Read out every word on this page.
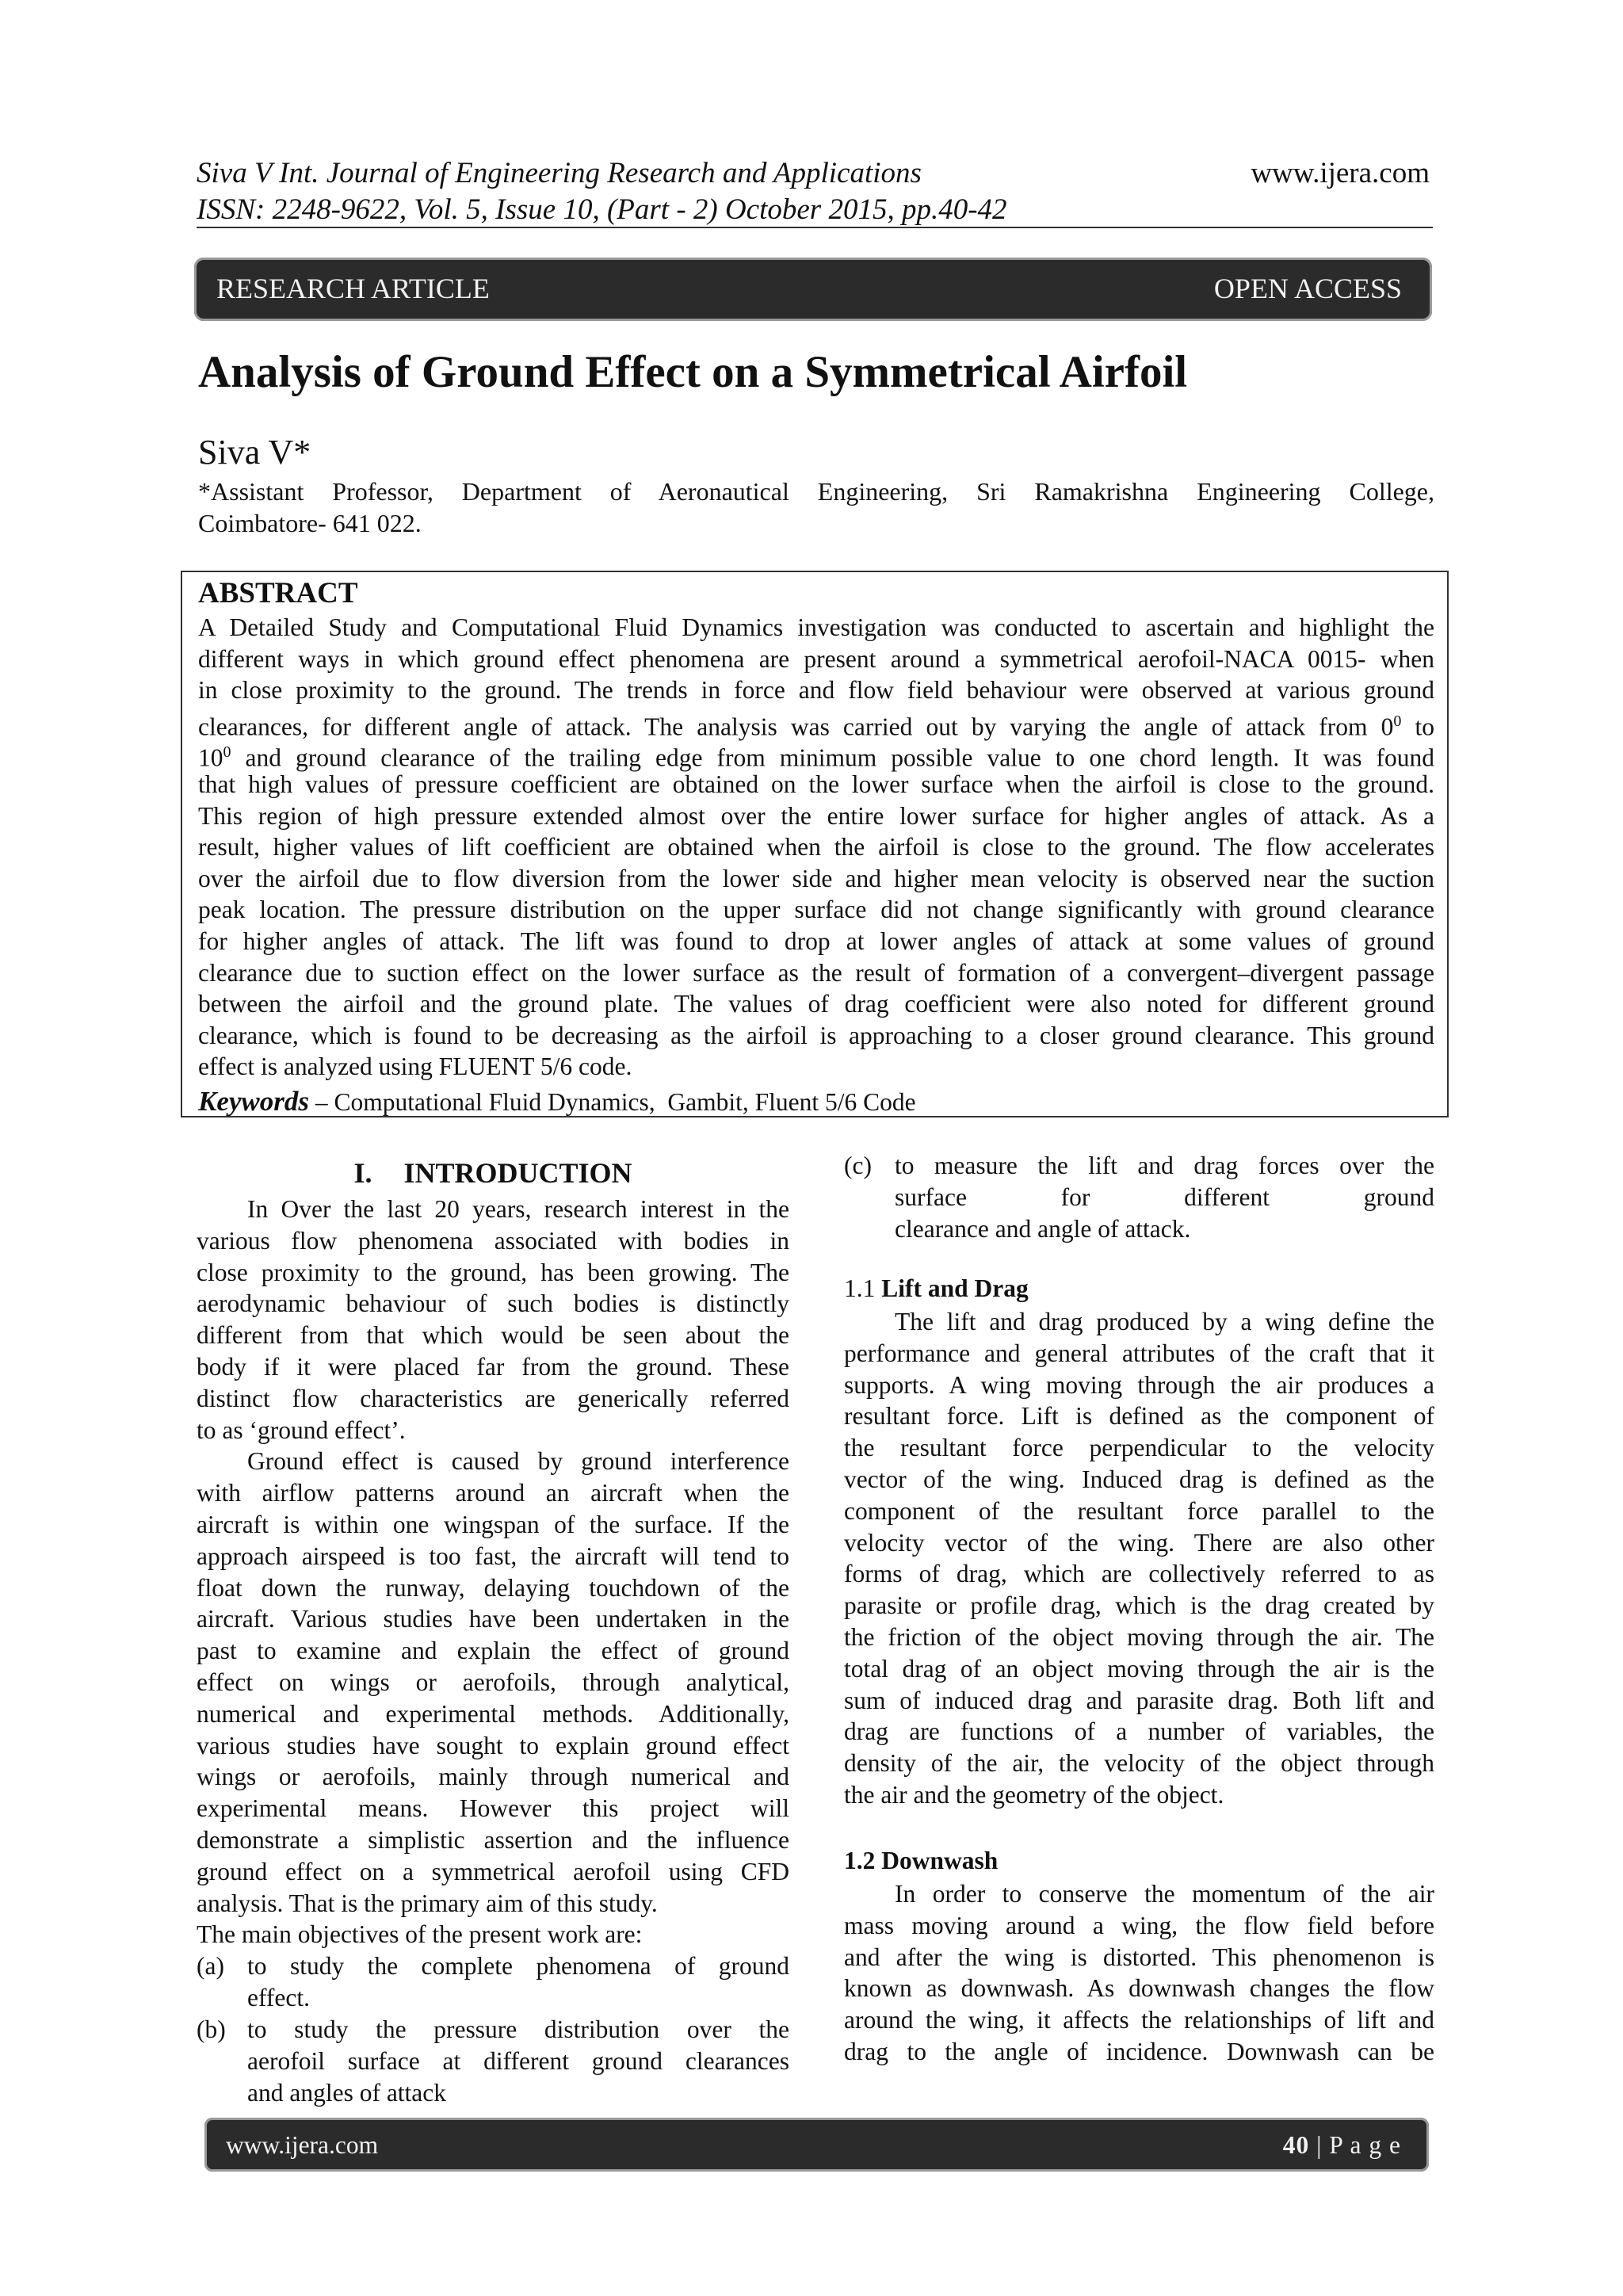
Siva V Int. Journal of Engineering Research and Applications
ISSN: 2248-9622, Vol. 5, Issue 10, (Part - 2) October 2015, pp.40-42
www.ijera.com
RESEARCH ARTICLE	OPEN ACCESS
Analysis of Ground Effect on a Symmetrical Airfoil
Siva V*
*Assistant Professor, Department of Aeronautical Engineering, Sri Ramakrishna Engineering College,
Coimbatore- 641 022.
ABSTRACT
A Detailed Study and Computational Fluid Dynamics investigation was conducted to ascertain and highlight the
different ways in which ground effect phenomena are present around a symmetrical aerofoil-NACA 0015- when
in close proximity to the ground. The trends in force and flow field behaviour were observed at various ground
clearances, for different angle of attack. The analysis was carried out by varying the angle of attack from $0^0$ to
$10^0$ and ground clearance of the trailing edge from minimum possible value to one chord length. It was found
that high values of pressure coefficient are obtained on the lower surface when the airfoil is close to the ground.
This region of high pressure extended almost over the entire lower surface for higher angles of attack. As a
result, higher values of lift coefficient are obtained when the airfoil is close to the ground. The flow accelerates
over the airfoil due to flow diversion from the lower side and higher mean velocity is observed near the suction
peak location. The pressure distribution on the upper surface did not change significantly with ground clearance
for higher angles of attack. The lift was found to drop at lower angles of attack at some values of ground
clearance due to suction effect on the lower surface as the result of formation of a convergent–divergent passage
between the airfoil and the ground plate. The values of drag coefficient were also noted for different ground
clearance, which is found to be decreasing as the airfoil is approaching to a closer ground clearance. This ground
effect is analyzed using FLUENT 5/6 code.
Keywords – Computational Fluid Dynamics,  Gambit, Fluent 5/6 Code
I. INTRODUCTION
In Over the last 20 years, research interest in the
various flow phenomena associated with bodies in
close proximity to the ground, has been growing. The
aerodynamic behaviour of such bodies is distinctly
different from that which would be seen about the
body if it were placed far from the ground. These
distinct flow characteristics are generically referred
to as ‘ground effect’.
Ground effect is caused by ground interference
with airflow patterns around an aircraft when the
aircraft is within one wingspan of the surface. If the
approach airspeed is too fast, the aircraft will tend to
float down the runway, delaying touchdown of the
aircraft. Various studies have been undertaken in the
past to examine and explain the effect of ground
effect on wings or aerofoils, through analytical,
numerical and experimental methods. Additionally,
various studies have sought to explain ground effect
wings or aerofoils, mainly through numerical and
experimental means. However this project will
demonstrate a simplistic assertion and the influence
ground effect on a symmetrical aerofoil using CFD
analysis. That is the primary aim of this study.
The main objectives of the present work are:
(a) to study the complete phenomena of ground
effect.
(b) to study the pressure distribution over the
aerofoil surface at different ground clearances
and angles of attack
(c) to measure the lift and drag forces over the
surface for different ground
clearance and angle of attack.
1.1 Lift and Drag
The lift and drag produced by a wing define the
performance and general attributes of the craft that it
supports. A wing moving through the air produces a
resultant force. Lift is defined as the component of
the resultant force perpendicular to the velocity
vector of the wing. Induced drag is defined as the
component of the resultant force parallel to the
velocity vector of the wing. There are also other
forms of drag, which are collectively referred to as
parasite or profile drag, which is the drag created by
the friction of the object moving through the air. The
total drag of an object moving through the air is the
sum of induced drag and parasite drag. Both lift and
drag are functions of a number of variables, the
density of the air, the velocity of the object through
the air and the geometry of the object.
1.2 Downwash
In order to conserve the momentum of the air
mass moving around a wing, the flow field before
and after the wing is distorted. This phenomenon is
known as downwash. As downwash changes the flow
around the wing, it affects the relationships of lift and
drag to the angle of incidence. Downwash can be
www.ijera.com	40 | P a g e
